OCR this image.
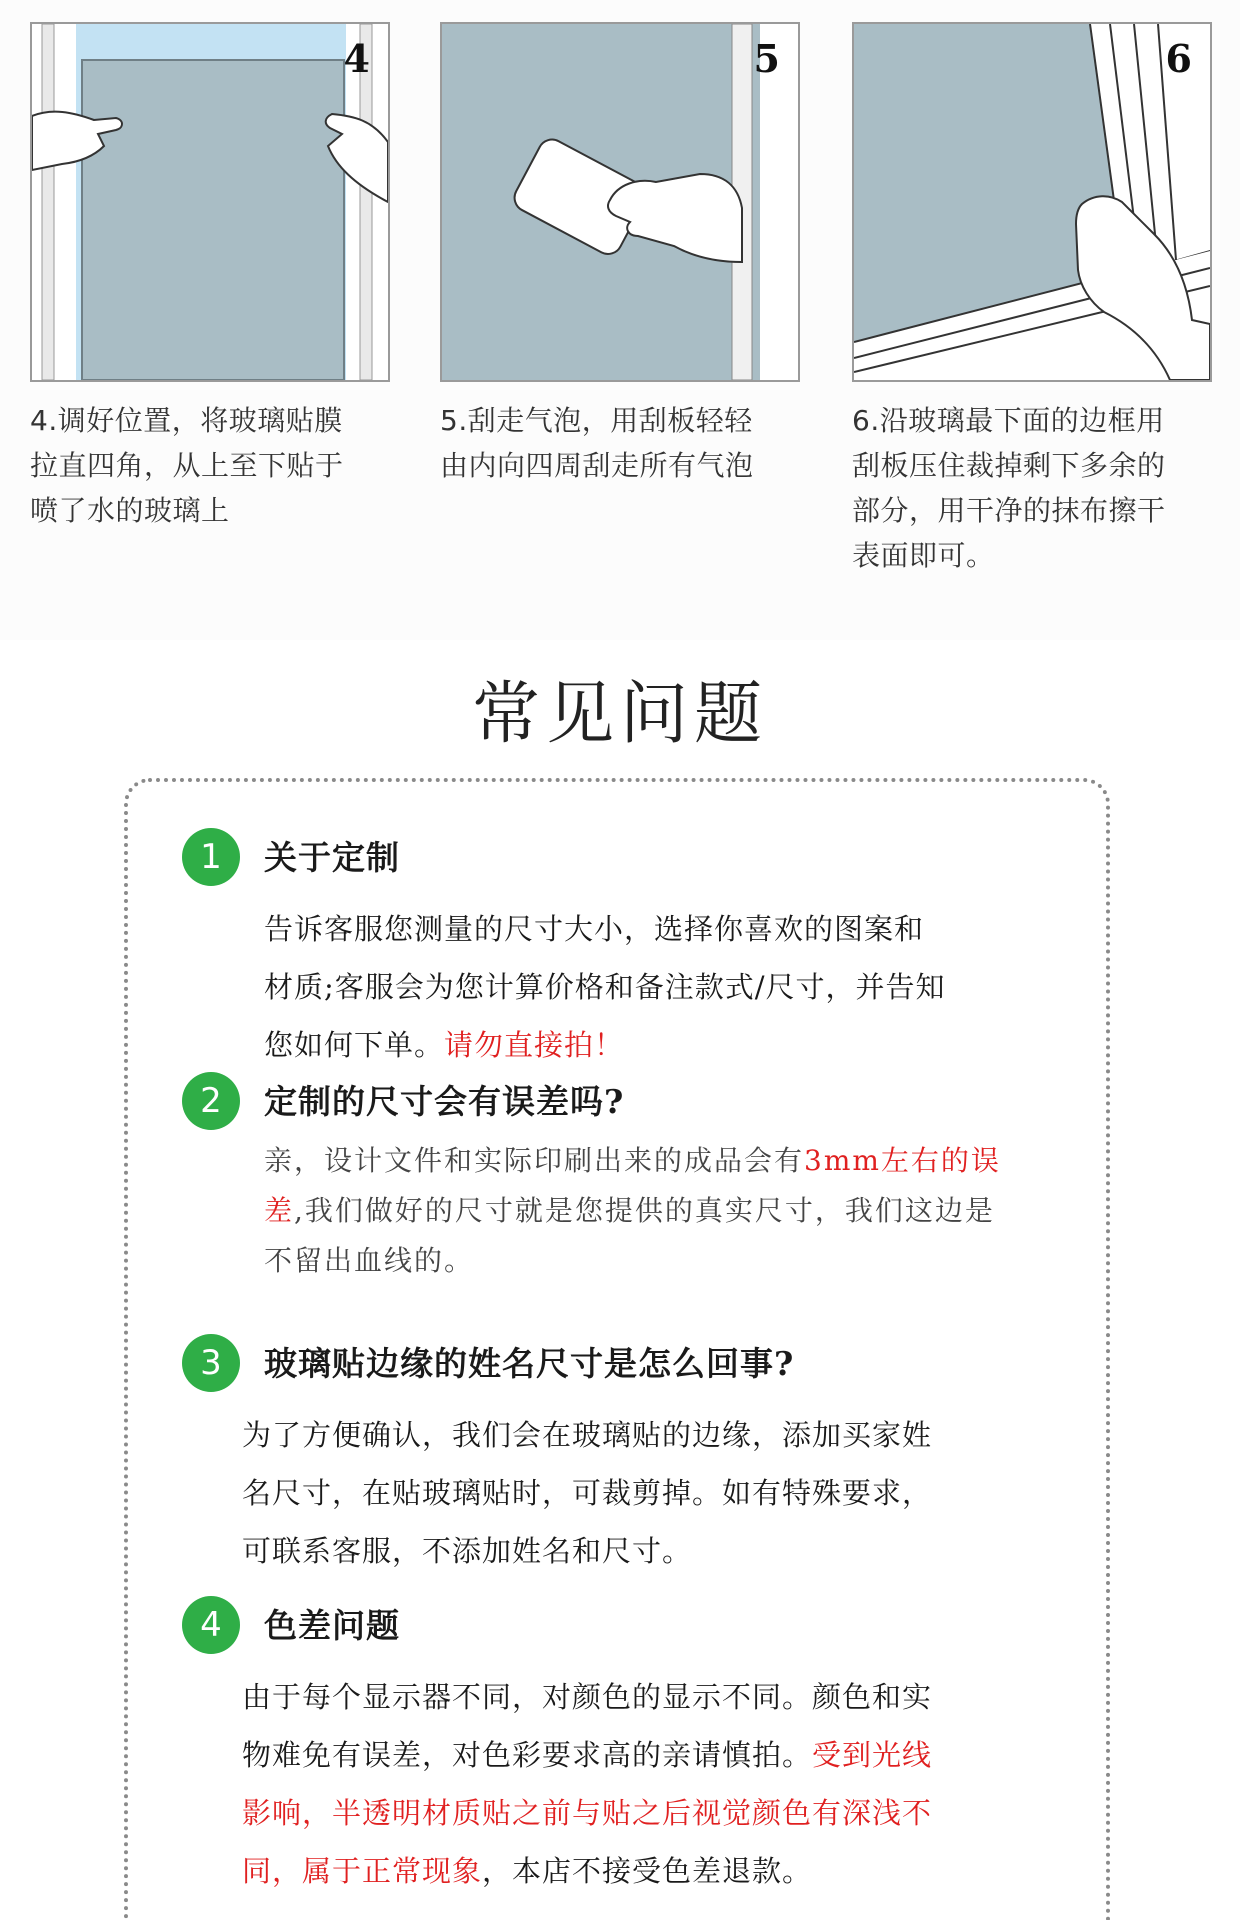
4
4.调好位置，将玻璃贴膜
拉直四角，从上至下贴于
喷了水的玻璃上
5
5.刮走气泡，用刮板轻轻
由内向四周刮走所有气泡
6
6.沿玻璃最下面的边框用
刮板压住裁掉剩下多余的
部分，用干净的抹布擦干
表面即可。
常见问题
1	关于定制
告诉客服您测量的尺寸大小，选择你喜欢的图案和
材质;客服会为您计算价格和备注款式/尺寸，并告知
您如何下单。请勿直接拍！
2	定制的尺寸会有误差吗?
亲，设计文件和实际印刷出来的成品会有3mm左右的误
差,我们做好的尺寸就是您提供的真实尺寸，我们这边是
不留出血线的。
3	玻璃贴边缘的姓名尺寸是怎么回事?
为了方便确认，我们会在玻璃贴的边缘，添加买家姓
名尺寸，在贴玻璃贴时，可裁剪掉。如有特殊要求，
可联系客服，不添加姓名和尺寸。
4	色差问题
由于每个显示器不同，对颜色的显示不同。颜色和实
物难免有误差，对色彩要求高的亲请慎拍。受到光线
影响，半透明材质贴之前与贴之后视觉颜色有深浅不
同，属于正常现象，本店不接受色差退款。
